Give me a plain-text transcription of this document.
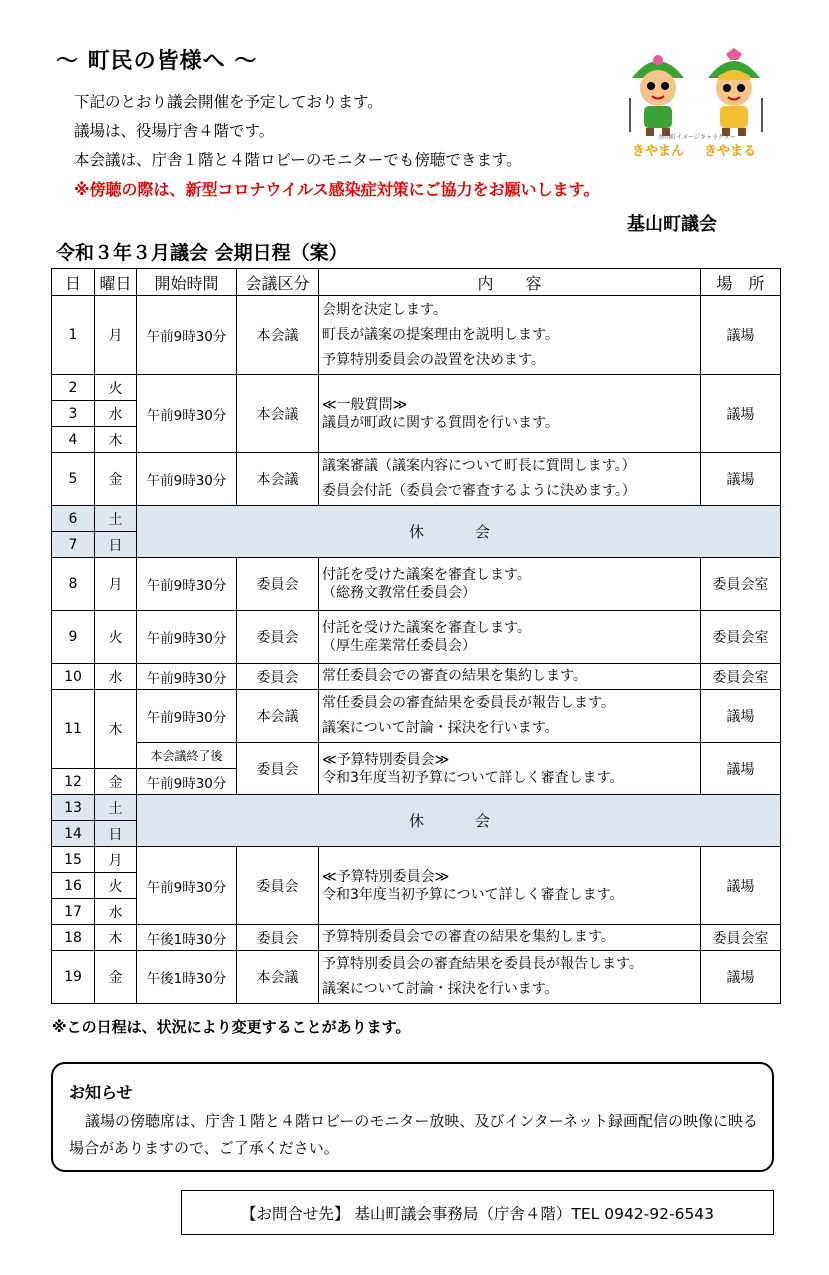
～ 町民の皆様へ ～
下記のとおり議会開催を予定しております。
議場は、役場庁舎４階です。
本会議は、庁舎１階と４階ロビーのモニターでも傍聴できます。

※傍聴の際は、新型コロナウイルス感染症対策にご協力をお願いします。

基山町議会

基山町イメージキャラクター
きやまん きやまる
令和３年３月議会 会期日程（案）
日	曜日	開始時間	会議区分	内　　容	場　所
1	月	午前9時30分	本会議	会期を決定します。
町長が議案の提案理由を説明します。
予算特別委員会の設置を決めます。	議場
2	火	午前9時30分	本会議	≪一般質問≫
議員が町政に関する質問を行います。	議場
3	水				
4	木				
5	金	午前9時30分	本会議	議案審議（議案内容について町長に質問します。）
委員会付託（委員会で審査するように決めます。）	議場
6	土	休　会			
7	日				
8	月	午前9時30分	委員会	付託を受けた議案を審査します。
（総務文教常任委員会）	委員会室
9	火	午前9時30分	委員会	付託を受けた議案を審査します。
（厚生産業常任委員会）	委員会室
10	水	午前9時30分	委員会	常任委員会での審査の結果を集約します。	委員会室
11	木	午前9時30分	本会議	常任委員会の審査結果を委員長が報告します。
議案について討論・採決を行います。	議場
		本会議終了後	委員会	≪予算特別委員会≫
令和3年度当初予算について詳しく審査します。	議場
12	金	午前9時30分			
13	土	休　会			
14	日				
15	月	午前9時30分	委員会	≪予算特別委員会≫
令和3年度当初予算について詳しく審査します。	議場
16	火				
17	水				
18	木	午後1時30分	委員会	予算特別委員会での審査の結果を集約します。	委員会室
19	金	午後1時30分	本会議	予算特別委員会の審査結果を委員長が報告します。
議案について討論・採決を行います。	議場

※この日程は、状況により変更することがあります。

お知らせ
議場の傍聴席は、庁舎１階と４階ロビーのモニター放映、及びインターネット録画配信の映像に映る場合がありますので、ご了承ください。
【お問合せ先】 基山町議会事務局（庁舎４階）TEL 0942-92-6543
